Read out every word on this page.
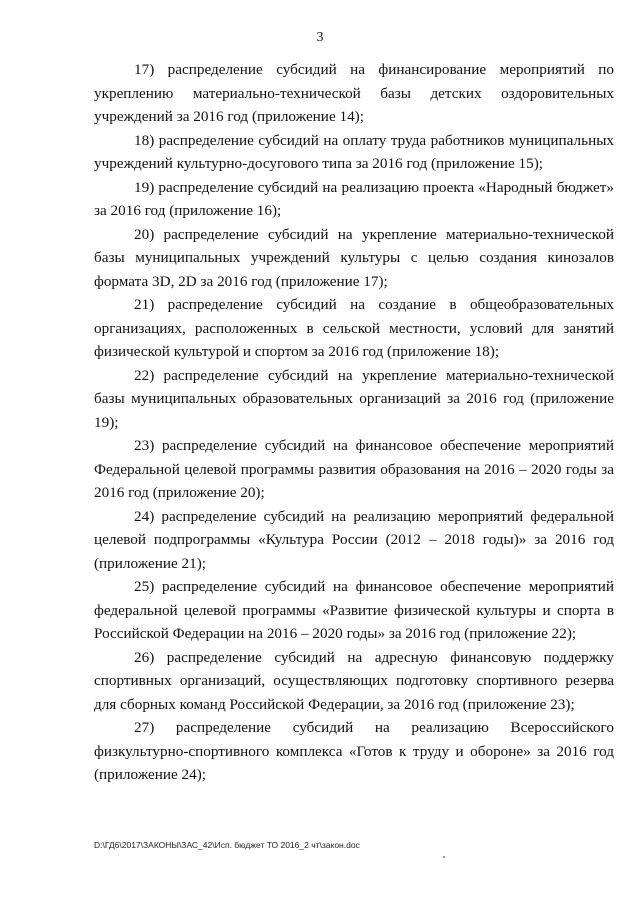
3

17) распределение субсидий на финансирование мероприятий по укреплению материально-технической базы детских оздоровительных учреждений за 2016 год (приложение 14);

18) распределение субсидий на оплату труда работников муниципальных учреждений культурно-досугового типа за 2016 год (приложение 15);

19) распределение субсидий на реализацию проекта «Народный бюджет» за 2016 год (приложение 16);

20) распределение субсидий на укрепление материально-технической базы муниципальных учреждений культуры с целью создания кинозалов формата 3D, 2D за 2016 год (приложение 17);

21) распределение субсидий на создание в общеобразовательных организациях, расположенных в сельской местности, условий для занятий физической культурой и спортом за 2016 год (приложение 18);

22) распределение субсидий на укрепление материально-технической базы муниципальных образовательных организаций за 2016 год (приложение 19);

23) распределение субсидий на финансовое обеспечение мероприятий Федеральной целевой программы развития образования на 2016 – 2020 годы за 2016 год (приложение 20);

24) распределение субсидий на реализацию мероприятий федеральной целевой подпрограммы «Культура России (2012 – 2018 годы)» за 2016 год (приложение 21);

25) распределение субсидий на финансовое обеспечение мероприятий федеральной целевой программы «Развитие физической культуры и спорта в Российской Федерации на 2016 – 2020 годы» за 2016 год (приложение 22);

26) распределение субсидий на адресную финансовую поддержку спортивных организаций, осуществляющих подготовку спортивного резерва для сборных команд Российской Федерации, за 2016 год (приложение 23);

27) распределение субсидий на реализацию Всероссийского физкультурно-спортивного комплекса «Готов к труду и обороне» за 2016 год (приложение 24);

D:\ГД6\2017\ЗАКОНЫ\ЗАС_42\Исп. бюджет ТО 2016_2 чт\закон.doc
